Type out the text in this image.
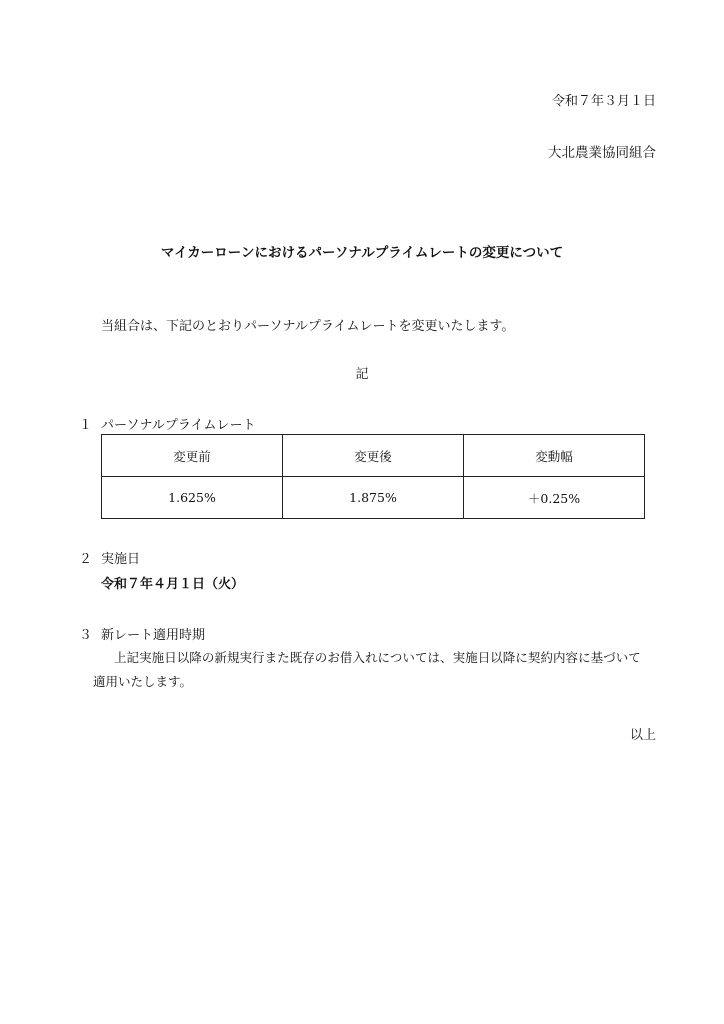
令和７年３月１日
大北農業協同組合
マイカーローンにおけるパーソナルプライムレートの変更について
当組合は、下記のとおりパーソナルプライムレートを変更いたします。
記
１ パーソナルプライムレート
変更前	変更後	変動幅
1.625%	1.875%	＋0.25%
２ 実施日
令和７年４月１日（火）
３ 新レート適用時期
上記実施日以降の新規実行また既存のお借入れについては、実施日以降に契約内容に基づいて
適用いたします。
以上
